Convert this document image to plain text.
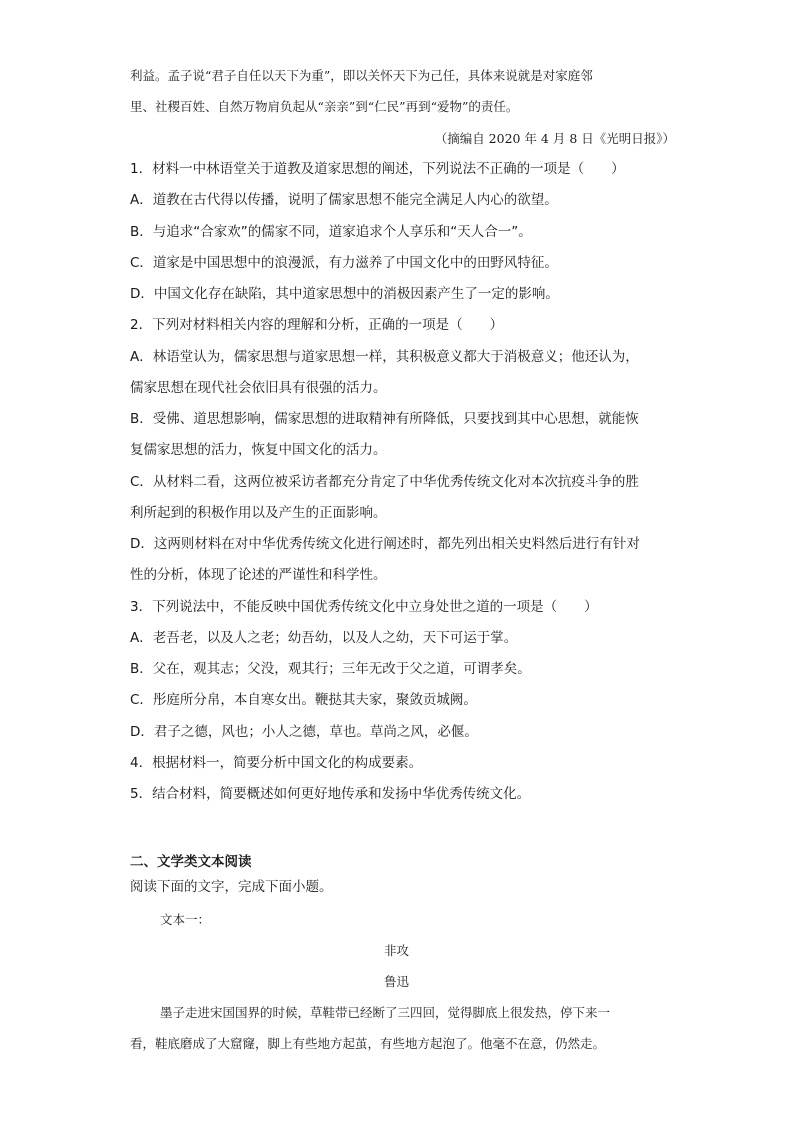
利益。孟子说“君子自任以天下为重”，即以关怀天下为己任，具体来说就是对家庭邻
里、社稷百姓、自然万物肩负起从“亲亲”到“仁民”再到“爱物”的责任。
（摘编自 2020 年 4 月 8 日《光明日报》）
1．材料一中林语堂关于道教及道家思想的阐述，下列说法不正确的一项是（　　）
A．道教在古代得以传播，说明了儒家思想不能完全满足人内心的欲望。
B．与追求“合家欢”的儒家不同，道家追求个人享乐和“天人合一”。
C．道家是中国思想中的浪漫派，有力滋养了中国文化中的田野风特征。
D．中国文化存在缺陷，其中道家思想中的消极因素产生了一定的影响。
2．下列对材料相关内容的理解和分析，正确的一项是（　　）
A．林语堂认为，儒家思想与道家思想一样，其积极意义都大于消极意义；他还认为，
儒家思想在现代社会依旧具有很强的活力。
B．受佛、道思想影响，儒家思想的进取精神有所降低，只要找到其中心思想，就能恢
复儒家思想的活力，恢复中国文化的活力。
C．从材料二看，这两位被采访者都充分肯定了中华优秀传统文化对本次抗疫斗争的胜
利所起到的积极作用以及产生的正面影响。
D．这两则材料在对中华优秀传统文化进行阐述时，都先列出相关史料然后进行有针对
性的分析，体现了论述的严谨性和科学性。
3．下列说法中，不能反映中国优秀传统文化中立身处世之道的一项是（　　）
A．老吾老，以及人之老；幼吾幼，以及人之幼，天下可运于掌。
B．父在，观其志；父没，观其行；三年无改于父之道，可谓孝矣。
C．彤庭所分帛，本自寒女出。鞭挞其夫家，聚敛贡城阙。
D．君子之德，风也；小人之德，草也。草尚之风，必偃。
4．根据材料一，简要分析中国文化的构成要素。
5．结合材料，简要概述如何更好地传承和发扬中华优秀传统文化。
二、文学类文本阅读
阅读下面的文字，完成下面小题。
文本一：
非攻
鲁迅
墨子走进宋国国界的时候，草鞋带已经断了三四回，觉得脚底上很发热，停下来一
看，鞋底磨成了大窟窿，脚上有些地方起茧，有些地方起泡了。他毫不在意，仍然走。
